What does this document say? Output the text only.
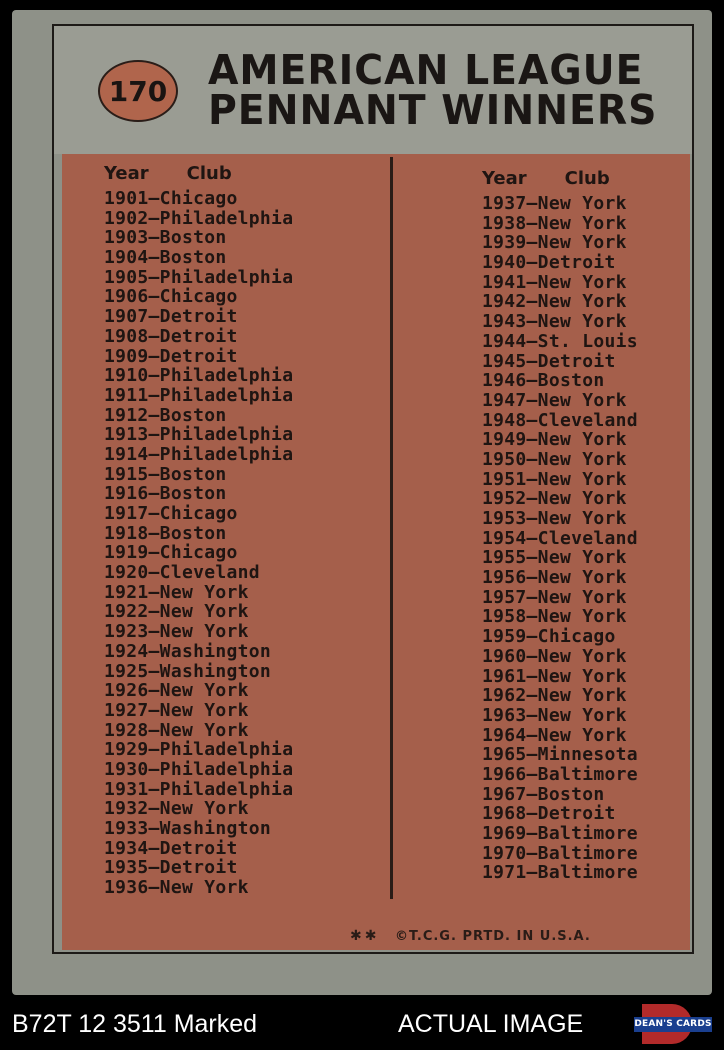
170 AMERICAN LEAGUE
PENNANT WINNERS
Year Club
1901—Chicago
1902—Philadelphia
1903—Boston
1904—Boston
1905—Philadelphia
1906—Chicago
1907—Detroit
1908—Detroit
1909—Detroit
1910—Philadelphia
1911—Philadelphia
1912—Boston
1913—Philadelphia
1914—Philadelphia
1915—Boston
1916—Boston
1917—Chicago
1918—Boston
1919—Chicago
1920—Cleveland
1921—New York
1922—New York
1923—New York
1924—Washington
1925—Washington
1926—New York
1927—New York
1928—New York
1929—Philadelphia
1930—Philadelphia
1931—Philadelphia
1932—New York
1933—Washington
1934—Detroit
1935—Detroit
1936—New York
Year Club
1937—New York
1938—New York
1939—New York
1940—Detroit
1941—New York
1942—New York
1943—New York
1944—St. Louis
1945—Detroit
1946—Boston
1947—New York
1948—Cleveland
1949—New York
1950—New York
1951—New York
1952—New York
1953—New York
1954—Cleveland
1955—New York
1956—New York
1957—New York
1958—New York
1959—Chicago
1960—New York
1961—New York
1962—New York
1963—New York
1964—New York
1965—Minnesota
1966—Baltimore
1967—Boston
1968—Detroit
1969—Baltimore
1970—Baltimore
1971—Baltimore
✱✱ ©T.C.G. PRTD. IN U.S.A.
B72T 12 3511 Marked	ACTUAL IMAGE	DEAN'S CARDS
